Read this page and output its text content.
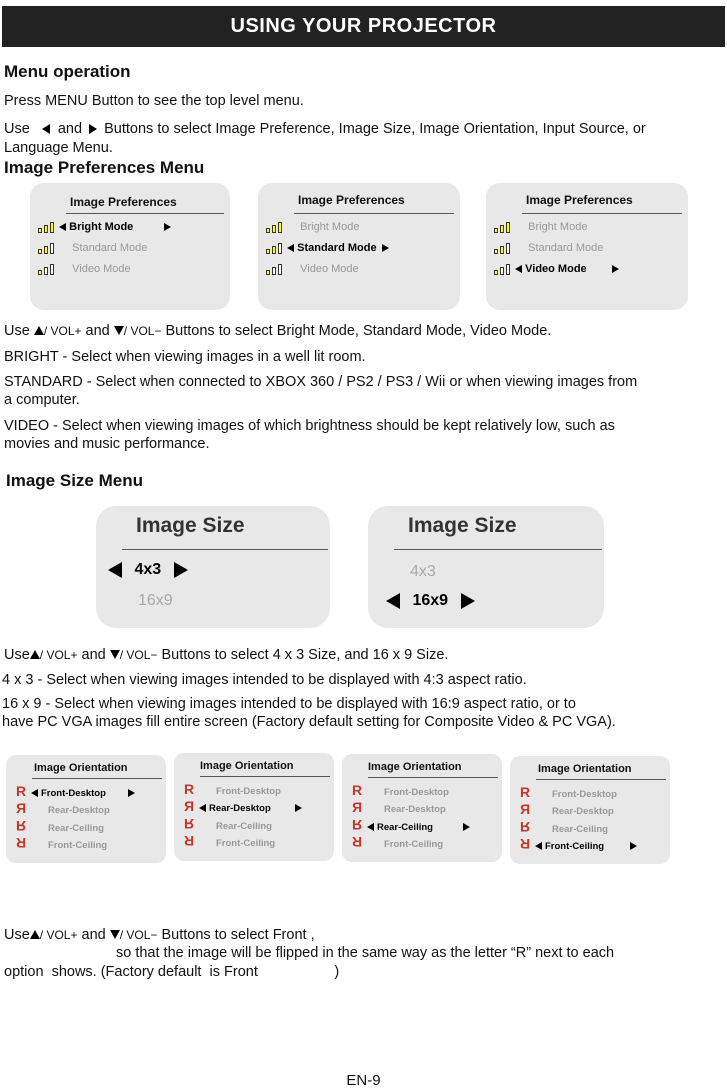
USING YOUR PROJECTOR
Menu operation
Press MENU Button to see the top level menu.
Use and Buttons to select Image Preference, Image Size, Image Orientation, Input Source, or
Language Menu.
Image Preferences Menu
Image Preferences
Bright Mode
Standard Mode
Video Mode
Image Preferences
Bright Mode
Standard Mode
Video Mode
Image Preferences
Bright Mode
Standard Mode
Video Mode
Use / VOL+ and / VOL− Buttons to select Bright Mode, Standard Mode, Video Mode.
BRIGHT - Select when viewing images in a well lit room.
STANDARD - Select when connected to XBOX 360 / PS2 / PS3 / Wii or when viewing images from
a computer.
VIDEO - Select when viewing images of which brightness should be kept relatively low, such as
movies and music performance.
Image Size Menu
Image Size
4x3
16x9
Image Size
4x3
16x9
Use / VOL+ and / VOL− Buttons to select 4 x 3 Size, and 16 x 9 Size.
4 x 3 - Select when viewing images intended to be displayed with 4:3 aspect ratio.
16 x 9 - Select when viewing images intended to be displayed with 16:9 aspect ratio, or to
have PC VGA images fill entire screen (Factory default setting for Composite Video & PC VGA).
Image Orientation
R Front-Desktop
R Rear-Desktop
R Rear-Ceiling
R Front-Ceiling
Image Orientation
R Front-Desktop
R Rear-Desktop
R Rear-Ceiling
R Front-Ceiling
Image Orientation
R Front-Desktop
R Rear-Desktop
R Rear-Ceiling
R Front-Ceiling
Image Orientation
R Front-Desktop
R Rear-Desktop
R Rear-Ceiling
R Front-Ceiling
Use / VOL+ and / VOL− Buttons to select Front ,
so that the image will be flipped in the same way as the letter “R” next to each
option  shows. (Factory default  is Front                   )
EN-9
